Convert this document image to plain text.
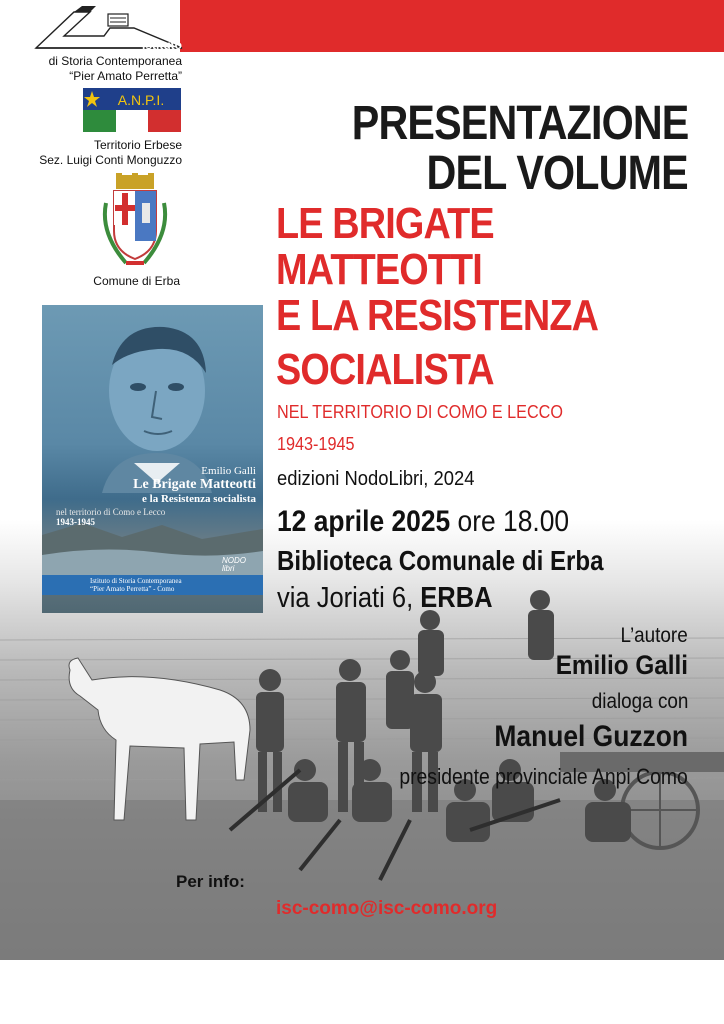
Istituto
di Storia Contemporanea
“Pier Amato Perretta”
A.N.P.I.
Territorio Erbese
Sez. Luigi Conti Monguzzo
Comune di Erba
Emilio Galli
Le Brigate Matteotti
e la Resistenza socialista
nel territorio di Como e Lecco
1943-1945
NODO
libri
Istituto di Storia Contemporanea
“Pier Amato Perretta” - Como
PRESENTAZIONE
DEL VOLUME
LE BRIGATE
MATTEOTTI
E LA RESISTENZA
SOCIALISTA
NEL TERRITORIO DI COMO E LECCO
1943-1945
edizioni NodoLibri, 2024
12 aprile 2025 ore 18.00
Biblioteca Comunale di Erba
via Joriati 6, ERBA
L’autore
Emilio Galli
dialoga con
Manuel Guzzon
presidente provinciale Anpi Como
Per info:
isc-como@isc-como.org
